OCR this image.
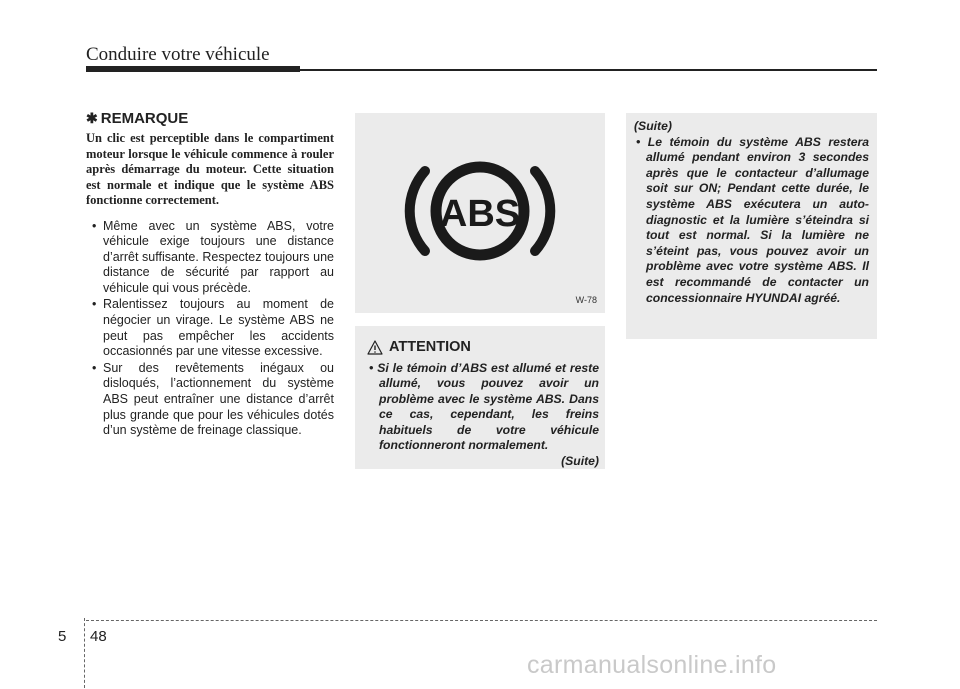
Conduire votre véhicule
✱ REMARQUE

Un clic est perceptible dans le compartiment moteur lorsque le véhicule commence à rouler après démarrage du moteur. Cette situation est normale et indique que le système ABS fonctionne correctement.

• Même avec un système ABS, votre véhicule exige toujours une distance d’arrêt suffisante. Respectez toujours une distance de sécurité par rapport au véhicule qui vous précède.
• Ralentissez toujours au moment de négocier un virage. Le système ABS ne peut pas empêcher les accidents occasionnés par une vitesse excessive.
• Sur des revêtements inégaux ou disloqués, l’actionnement du système ABS peut entraîner une distance d’arrêt plus grande que pour les véhicules dotés d’un système de freinage classique.
ABS
W-78
ATTENTION

• Si le témoin d’ABS est allumé et reste allumé, vous pouvez avoir un problème avec le système ABS. Dans ce cas, cependant, les freins habituels de votre véhicule fonctionneront normalement.

(Suite)

(Suite)

• Le témoin du système ABS restera allumé pendant environ 3 secondes après que le contacteur d’allumage soit sur ON; Pendant cette durée, le système ABS exécutera un auto-diagnostic et la lumière s’éteindra si tout est normal. Si la lumière ne s’éteint pas, vous pouvez avoir un problème avec votre système ABS. Il est recommandé de contacter un concessionnaire HYUNDAI agréé.

5 48
carmanualsonline.info
